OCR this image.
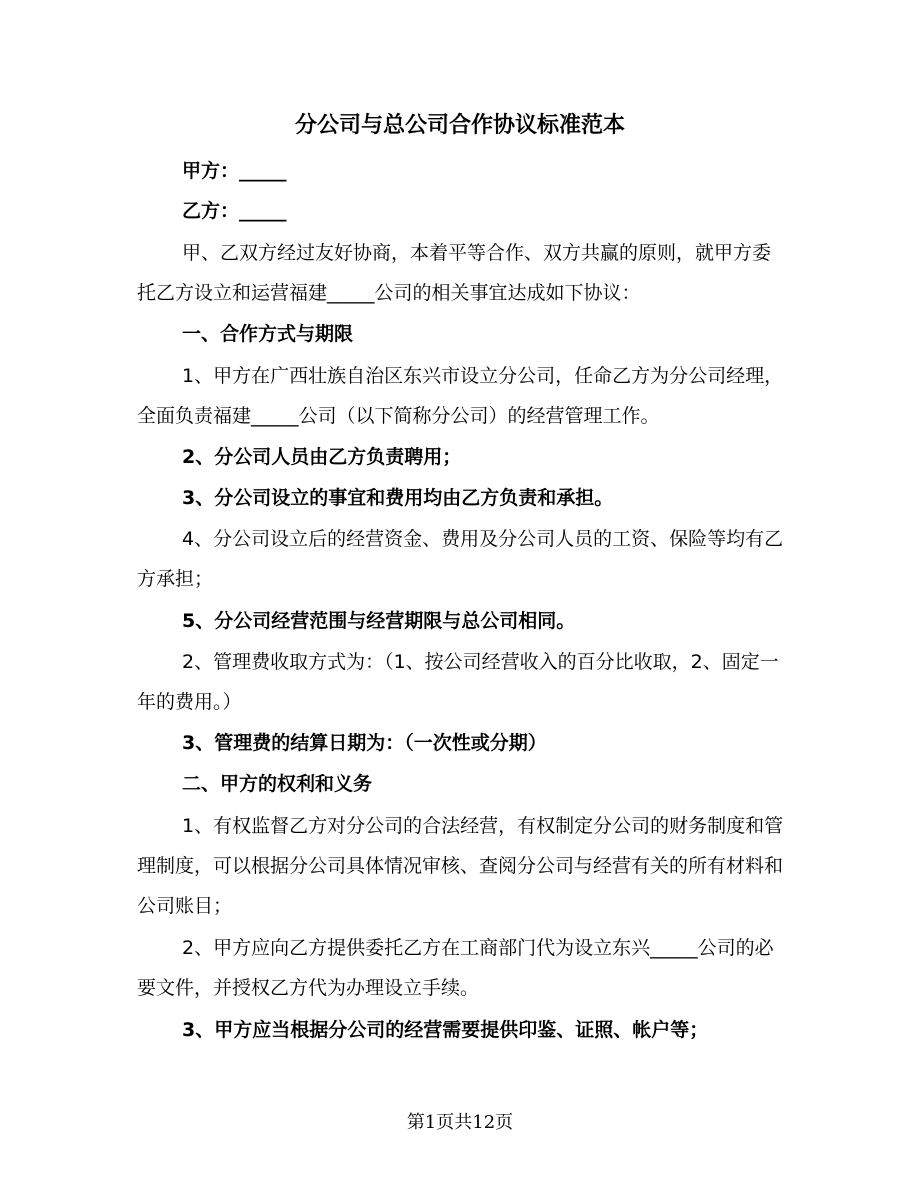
分公司与总公司合作协议标准范本

甲方：_____

乙方：_____

甲、乙双方经过友好协商，本着平等合作、双方共赢的原则，就甲方委托乙方设立和运营福建_____公司的相关事宜达成如下协议：

一、合作方式与期限

1、甲方在广西壮族自治区东兴市设立分公司，任命乙方为分公司经理，全面负责福建_____公司（以下简称分公司）的经营管理工作。

2、分公司人员由乙方负责聘用；

3、分公司设立的事宜和费用均由乙方负责和承担。

4、分公司设立后的经营资金、费用及分公司人员的工资、保险等均有乙方承担；

5、分公司经营范围与经营期限与总公司相同。

2、管理费收取方式为：（1、按公司经营收入的百分比收取，2、固定一年的费用。）

3、管理费的结算日期为：（一次性或分期）

二、甲方的权利和义务

1、有权监督乙方对分公司的合法经营，有权制定分公司的财务制度和管理制度，可以根据分公司具体情况审核、查阅分公司与经营有关的所有材料和公司账目；

2、甲方应向乙方提供委托乙方在工商部门代为设立东兴_____公司的必要文件，并授权乙方代为办理设立手续。

3、甲方应当根据分公司的经营需要提供印鉴、证照、帐户等；

第1页共12页
